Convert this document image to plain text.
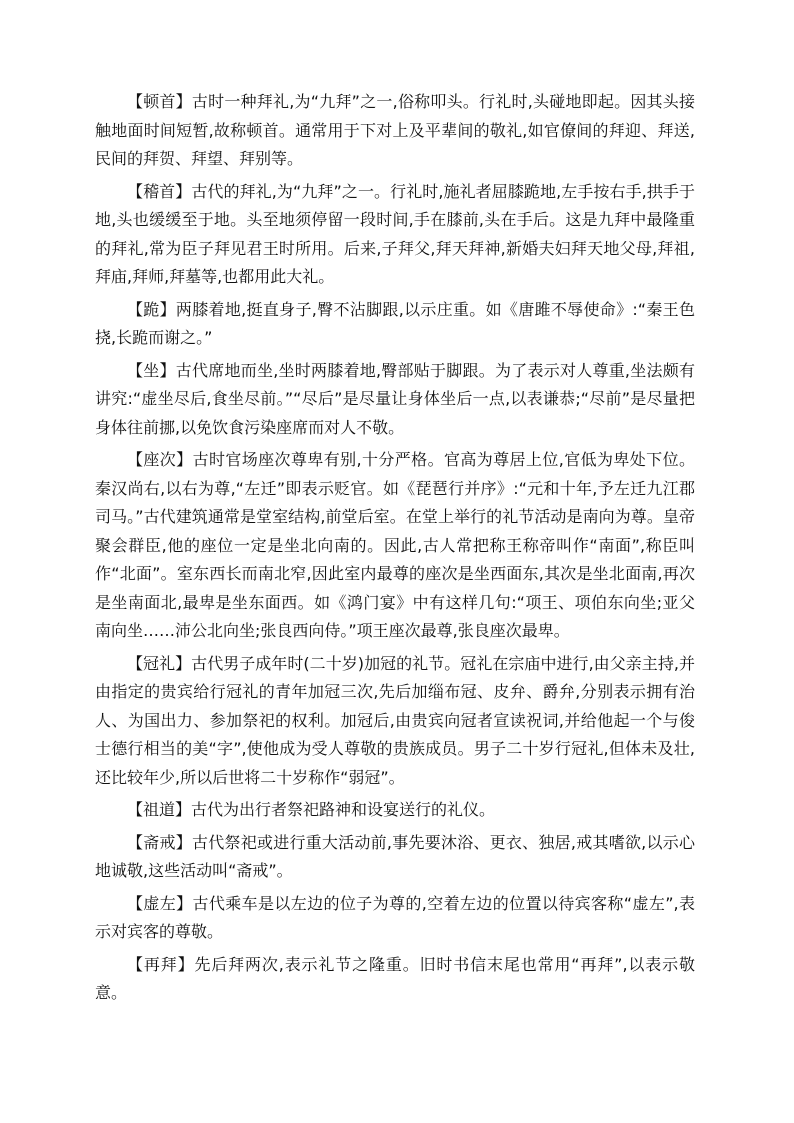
【顿首】古时一种拜礼,为“九拜”之一,俗称叩头。行礼时,头碰地即起。因其头接触地面时间短暂,故称顿首。通常用于下对上及平辈间的敬礼,如官僚间的拜迎、拜送,民间的拜贺、拜望、拜别等。

【稽首】古代的拜礼,为“九拜”之一。行礼时,施礼者屈膝跪地,左手按右手,拱手于地,头也缓缓至于地。头至地须停留一段时间,手在膝前,头在手后。这是九拜中最隆重的拜礼,常为臣子拜见君王时所用。后来,子拜父,拜天拜神,新婚夫妇拜天地父母,拜祖,拜庙,拜师,拜墓等,也都用此大礼。

【跪】两膝着地,挺直身子,臀不沾脚跟,以示庄重。如《唐雎不辱使命》:“秦王色挠,长跪而谢之。”

【坐】古代席地而坐,坐时两膝着地,臀部贴于脚跟。为了表示对人尊重,坐法颇有讲究:“虚坐尽后,食坐尽前。”“尽后”是尽量让身体坐后一点,以表谦恭;“尽前”是尽量把身体往前挪,以免饮食污染座席而对人不敬。

【座次】古时官场座次尊卑有别,十分严格。官高为尊居上位,官低为卑处下位。秦汉尚右,以右为尊,“左迁”即表示贬官。如《琵琶行并序》:“元和十年,予左迁九江郡司马。”古代建筑通常是堂室结构,前堂后室。在堂上举行的礼节活动是南向为尊。皇帝聚会群臣,他的座位一定是坐北向南的。因此,古人常把称王称帝叫作“南面”,称臣叫作“北面”。室东西长而南北窄,因此室内最尊的座次是坐西面东,其次是坐北面南,再次是坐南面北,最卑是坐东面西。如《鸿门宴》中有这样几句:“项王、项伯东向坐;亚父南向坐……沛公北向坐;张良西向侍。”项王座次最尊,张良座次最卑。

【冠礼】古代男子成年时(二十岁)加冠的礼节。冠礼在宗庙中进行,由父亲主持,并由指定的贵宾给行冠礼的青年加冠三次,先后加缁布冠、皮弁、爵弁,分别表示拥有治人、为国出力、参加祭祀的权利。加冠后,由贵宾向冠者宣读祝词,并给他起一个与俊士德行相当的美“字”,使他成为受人尊敬的贵族成员。男子二十岁行冠礼,但体未及壮,还比较年少,所以后世将二十岁称作“弱冠”。

【祖道】古代为出行者祭祀路神和设宴送行的礼仪。

【斋戒】古代祭祀或进行重大活动前,事先要沐浴、更衣、独居,戒其嗜欲,以示心地诚敬,这些活动叫“斋戒”。

【虚左】古代乘车是以左边的位子为尊的,空着左边的位置以待宾客称“虚左”,表示对宾客的尊敬。

【再拜】先后拜两次,表示礼节之隆重。旧时书信末尾也常用“再拜”,以表示敬意。
